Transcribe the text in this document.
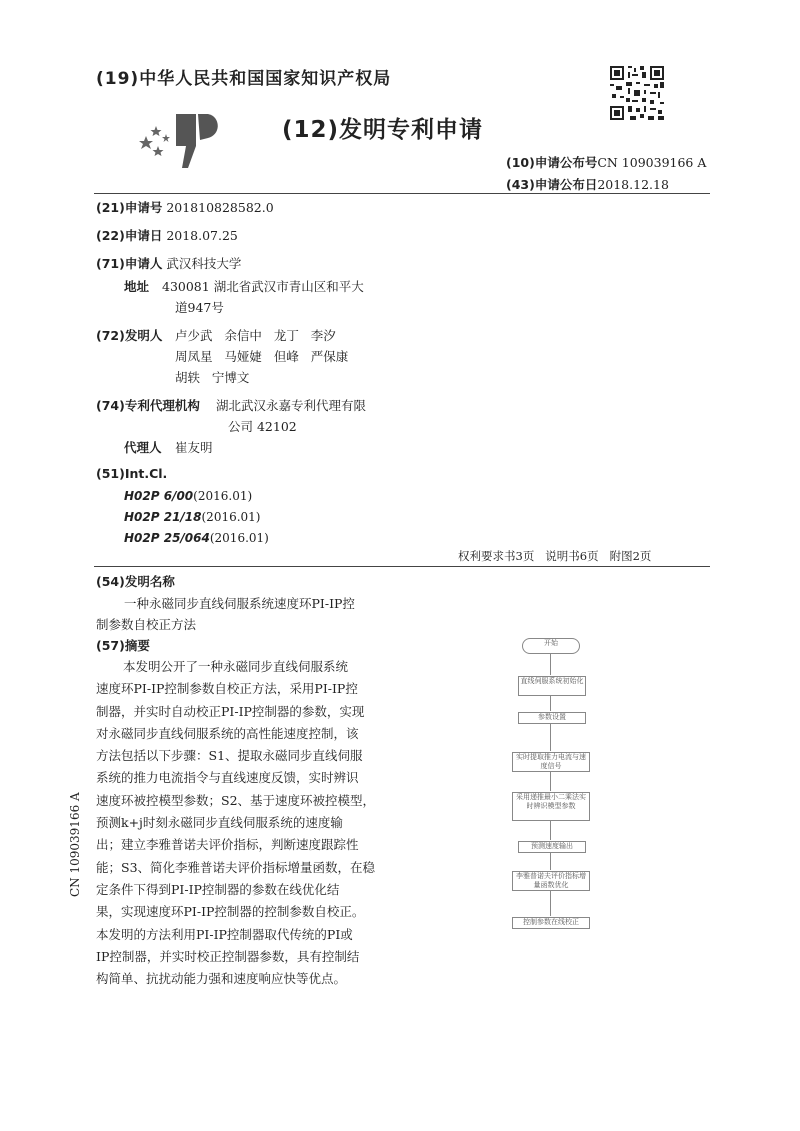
(19)中华人民共和国国家知识产权局
(12)发明专利申请
(10)申请公布号CN 109039166 A
(43)申请公布日2018.12.18
(21)申请号 201810828582.0
(22)申请日 2018.07.25
(71)申请人 武汉科技大学
地址 430081 湖北省武汉市青山区和平大
道947号
(72)发明人 卢少武   余信中   龙丁   李汐
周凤星   马娅婕   但峰   严保康
胡轶   宁博文
(74)专利代理机构 湖北武汉永嘉专利代理有限
公司 42102
代理人 崔友明
(51)Int.Cl.
H02P 6/00(2016.01)
H02P 21/18(2016.01)
H02P 25/064(2016.01)
权利要求书3页   说明书6页   附图2页
(54)发明名称
一种永磁同步直线伺服系统速度环PI-IP控
制参数自校正方法
(57)摘要
本发明公开了一种永磁同步直线伺服系统
速度环PI-IP控制参数自校正方法，采用PI-IP控
制器，并实时自动校正PI-IP控制器的参数，实现
对永磁同步直线伺服系统的高性能速度控制，该
方法包括以下步骤：S1、提取永磁同步直线伺服
系统的推力电流指令与直线速度反馈，实时辨识
速度环被控模型参数；S2、基于速度环被控模型，
预测k+j时刻永磁同步直线伺服系统的速度输
出；建立李雅普诺夫评价指标，判断速度跟踪性
能；S3、简化李雅普诺夫评价指标增量函数，在稳
定条件下得到PI-IP控制器的参数在线优化结
果，实现速度环PI-IP控制器的控制参数自校正。
本发明的方法利用PI-IP控制器取代传统的PI或
IP控制器，并实时校正控制器参数，具有控制结
构简单、抗扰动能力强和速度响应快等优点。
CN 109039166 A
开始
直线伺服系统初始化
参数设置
实时提取推力电流与速度信号
采用递推最小二乘法实时辨识模型参数
预测速度输出
李雅普诺夫评价指标增量函数优化
控制参数在线校正
